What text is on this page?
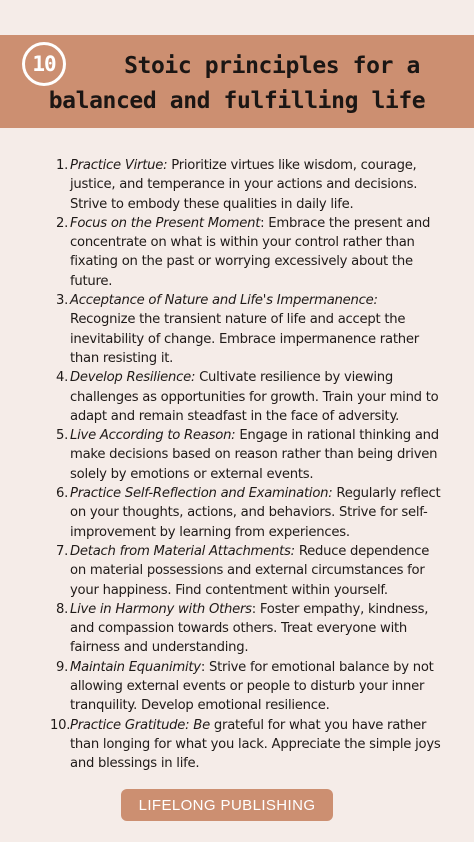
10	Stoic principles for a
balanced and fulfilling life
1. Practice Virtue: Prioritize virtues like wisdom, courage, justice, and temperance in your actions and decisions. Strive to embody these qualities in daily life.
2. Focus on the Present Moment: Embrace the present and concentrate on what is within your control rather than fixating on the past or worrying excessively about the future.
3. Acceptance of Nature and Life's Impermanence: Recognize the transient nature of life and accept the inevitability of change. Embrace impermanence rather than resisting it.
4. Develop Resilience: Cultivate resilience by viewing challenges as opportunities for growth. Train your mind to adapt and remain steadfast in the face of adversity.
5. Live According to Reason: Engage in rational thinking and make decisions based on reason rather than being driven solely by emotions or external events.
6. Practice Self-Reflection and Examination: Regularly reflect on your thoughts, actions, and behaviors. Strive for self-improvement by learning from experiences.
7. Detach from Material Attachments: Reduce dependence on material possessions and external circumstances for your happiness. Find contentment within yourself.
8. Live in Harmony with Others: Foster empathy, kindness, and compassion towards others. Treat everyone with fairness and understanding.
9. Maintain Equanimity: Strive for emotional balance by not allowing external events or people to disturb your inner tranquility. Develop emotional resilience.
10. Practice Gratitude: Be grateful for what you have rather than longing for what you lack. Appreciate the simple joys and blessings in life.
LIFELONG PUBLISHING
